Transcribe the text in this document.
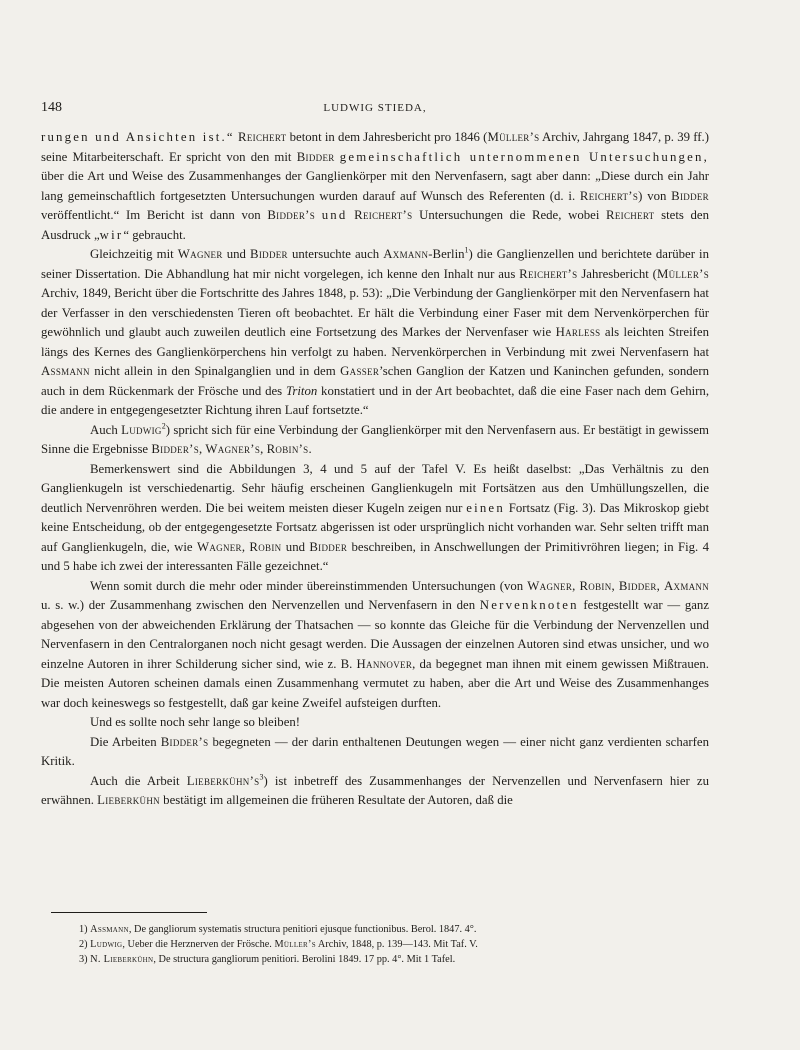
148	LUDWIG STIEDA,

rungen und Ansichten ist.“ Reichert betont in dem Jahresbericht pro 1846 (Müller’s Archiv, Jahrgang 1847, p. 39 ff.) seine Mitarbeiterschaft. Er spricht von den mit Bidder gemeinschaftlich unternommenen Untersuchungen, über die Art und Weise des Zusammenhanges der Ganglienkörper mit den Nervenfasern, sagt aber dann: „Diese durch ein Jahr lang gemeinschaftlich fortgesetzten Untersuchungen wurden darauf auf Wunsch des Referenten (d. i. Reichert’s) von Bidder veröffentlicht.“ Im Bericht ist dann von Bidder’s und Reichert’s Untersuchungen die Rede, wobei Reichert stets den Ausdruck „wir“ gebraucht.

Gleichzeitig mit Wagner und Bidder untersuchte auch Axmann-Berlin$^1$) die Ganglienzellen und berichtete darüber in seiner Dissertation. Die Abhandlung hat mir nicht vorgelegen, ich kenne den Inhalt nur aus Reichert’s Jahresbericht (Müller’s Archiv, 1849, Bericht über die Fortschritte des Jahres 1848, p. 53): „Die Verbindung der Ganglienkörper mit den Nervenfasern hat der Verfasser in den verschiedensten Tieren oft beobachtet. Er hält die Verbindung einer Faser mit dem Nervenkörperchen für gewöhnlich und glaubt auch zuweilen deutlich eine Fortsetzung des Markes der Nervenfaser wie Harless als leichten Streifen längs des Kernes des Ganglienkörperchens hin verfolgt zu haben. Nervenkörperchen in Verbindung mit zwei Nervenfasern hat Assmann nicht allein in den Spinalganglien und in dem Gasser’schen Ganglion der Katzen und Kaninchen gefunden, sondern auch in dem Rückenmark der Frösche und des Triton konstatiert und in der Art beobachtet, daß die eine Faser nach dem Gehirn, die andere in entgegengesetzter Richtung ihren Lauf fortsetzte.“

Auch Ludwig$^2$) spricht sich für eine Verbindung der Ganglienkörper mit den Nervenfasern aus. Er bestätigt in gewissem Sinne die Ergebnisse Bidder’s, Wagner’s, Robin’s.

Bemerkenswert sind die Abbildungen 3, 4 und 5 auf der Tafel V. Es heißt daselbst: „Das Verhältnis zu den Ganglienkugeln ist verschiedenartig. Sehr häufig erscheinen Ganglienkugeln mit Fortsätzen aus den Umhüllungszellen, die deutlich Nervenröhren werden. Die bei weitem meisten dieser Kugeln zeigen nur einen Fortsatz (Fig. 3). Das Mikroskop giebt keine Entscheidung, ob der entgegengesetzte Fortsatz abgerissen ist oder ursprünglich nicht vorhanden war. Sehr selten trifft man auf Ganglienkugeln, die, wie Wagner, Robin und Bidder beschreiben, in Anschwellungen der Primitivröhren liegen; in Fig. 4 und 5 habe ich zwei der interessanten Fälle gezeichnet.“

Wenn somit durch die mehr oder minder übereinstimmenden Untersuchungen (von Wagner, Robin, Bidder, Axmann u. s. w.) der Zusammenhang zwischen den Nervenzellen und Nervenfasern in den Nervenknoten festgestellt war — ganz abgesehen von der abweichenden Erklärung der Thatsachen — so konnte das Gleiche für die Verbindung der Nervenzellen und Nervenfasern in den Centralorganen noch nicht gesagt werden. Die Aussagen der einzelnen Autoren sind etwas unsicher, und wo einzelne Autoren in ihrer Schilderung sicher sind, wie z. B. Hannover, da begegnet man ihnen mit einem gewissen Mißtrauen. Die meisten Autoren scheinen damals einen Zusammenhang vermutet zu haben, aber die Art und Weise des Zusammenhanges war doch keineswegs so festgestellt, daß gar keine Zweifel aufsteigen durften.

Und es sollte noch sehr lange so bleiben!

Die Arbeiten Bidder’s begegneten — der darin enthaltenen Deutungen wegen — einer nicht ganz verdienten scharfen Kritik.

Auch die Arbeit $Lieberkühn’s^3$) ist inbetreff des Zusammenhanges der Nervenzellen und Nervenfasern hier zu erwähnen. Lieberkühn bestätigt im allgemeinen die früheren Resultate der Autoren, daß die

1) Assmann, De gangliorum systematis structura penitiori ejusque functionibus. Berol. 1847. 4°.
2) Ludwig, Ueber die Herznerven der Frösche. Müller’s Archiv, 1848, p. 139—143. Mit Taf. V.
3) N. Lieberkühn, De structura gangliorum penitiori. Berolini 1849. 17 pp. 4°. Mit 1 Tafel.
